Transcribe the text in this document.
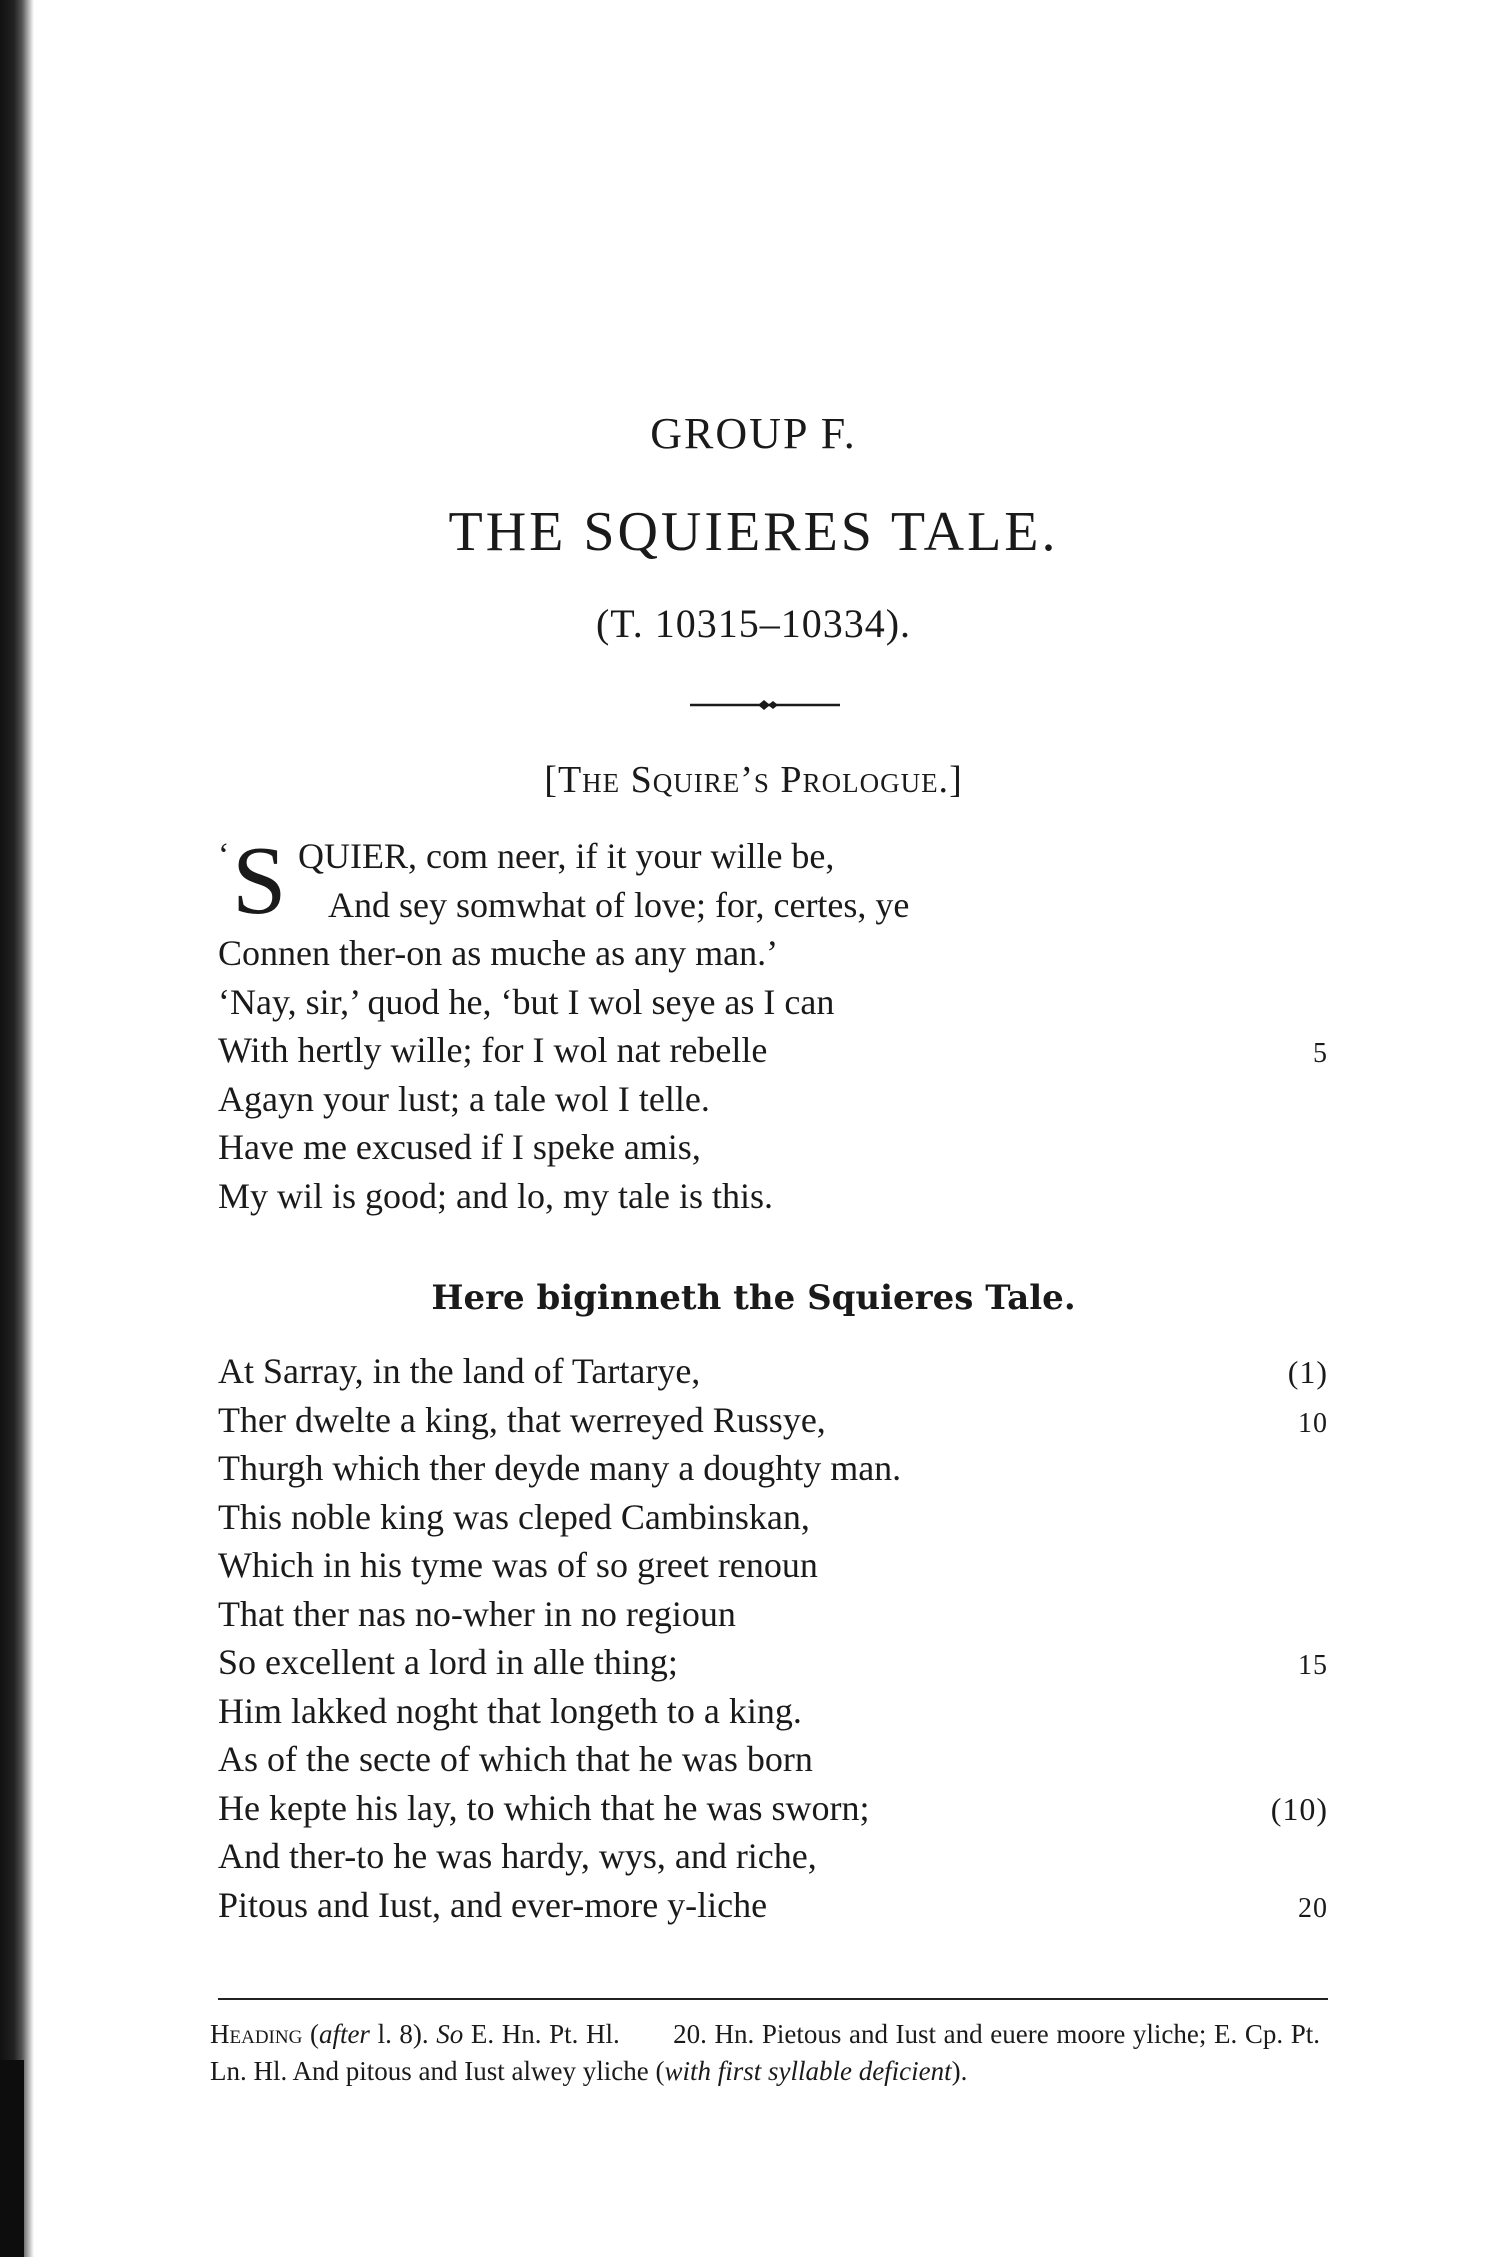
GROUP F.
THE SQUIERES TALE.
(T. 10315–10334).
[The Squire’s Prologue.]
‘ S QUIER, com neer, if it your wille be,
And sey somwhat of love; for, certes, ye
Connen ther-on as muche as any man.’
‘Nay, sir,’ quod he, ‘but I wol seye as I can
With hertly wille; for I wol nat rebelle	5
Agayn your lust; a tale wol I telle.
Have me excused if I speke amis,
My wil is good; and lo, my tale is this.
Here biginneth the Squieres Tale.
At Sarray, in the land of Tartarye,	(1)
Ther dwelte a king, that werreyed Russye,	10
Thurgh which ther deyde many a doughty man.
This noble king was cleped Cambinskan,
Which in his tyme was of so greet renoun
That ther nas no-wher in no regioun
So excellent a lord in alle thing;	15
Him lakked noght that longeth to a king.
As of the secte of which that he was born
He kepte his lay, to which that he was sworn;	(10)
And ther-to he was hardy, wys, and riche,
Pitous and Iust, and ever-more y-liche	20
Heading (after l. 8). So E. Hn. Pt. Hl. 20. Hn. Pietous and Iust and euere moore yliche; E. Cp. Pt. Ln. Hl. And pitous and Iust alwey yliche (with first syllable deficient).
